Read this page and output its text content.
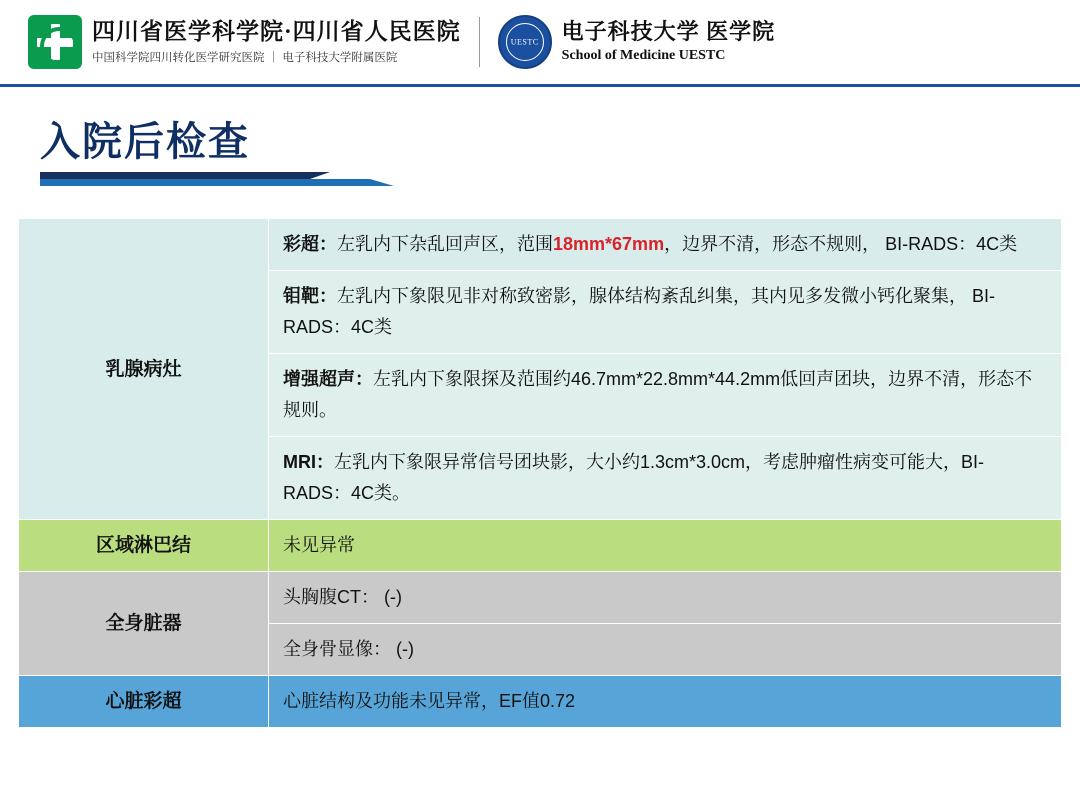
四川省医学科学院·四川省人民医院
中国科学院四川转化医学研究医院 ｜ 电子科技大学附属医院
UESTC 电子科技大学 医学院
School of Medicine UESTC
入院后检查
乳腺病灶	彩超：左乳内下杂乱回声区，范围18mm*67mm，边界不清，形态不规则， BI-RADS：4C类
	钼靶：左乳内下象限见非对称致密影，腺体结构紊乱纠集，其内见多发微小钙化聚集， BI-RADS：4C类
	增强超声：左乳内下象限探及范围约46.7mm*22.8mm*44.2mm低回声团块，边界不清，形态不规则。
	MRI：左乳内下象限异常信号团块影，大小约1.3cm*3.0cm，考虑肿瘤性病变可能大，BI-RADS：4C类。
区域淋巴结	未见异常
全身脏器	头胸腹CT： (-)
	全身骨显像： (-)
心脏彩超	心脏结构及功能未见异常，EF值0.72
